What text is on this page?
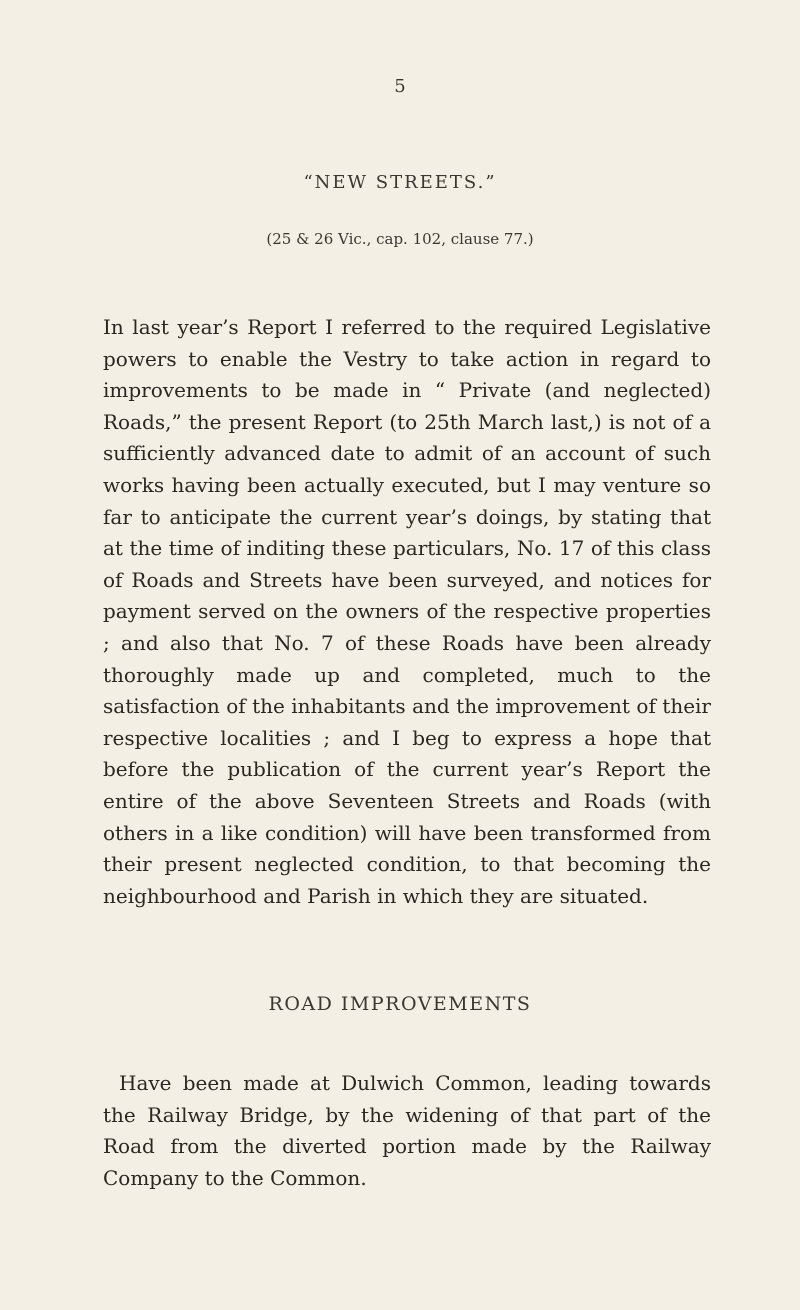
5
“NEW STREETS.”
(25 & 26 Vic., cap. 102, clause 77.)

In last year’s Report I referred to the required Legislative powers to enable the Vestry to take action in regard to improvements to be made in “ Private (and neglected) Roads,” the present Report (to 25th March last,) is not of a sufficiently advanced date to admit of an account of such works having been actually executed, but I may venture so far to anticipate the current year’s doings, by stating that at the time of inditing these particulars, No. 17 of this class of Roads and Streets have been surveyed, and notices for payment served on the owners of the respective properties ; and also that No. 7 of these Roads have been already thoroughly made up and completed, much to the satisfaction of the inhabitants and the improvement of their respective localities ; and I beg to express a hope that before the publication of the current year’s Report the entire of the above Seventeen Streets and Roads (with others in a like condition) will have been transformed from their present neglected condition, to that becoming the neighbourhood and Parish in which they are situated.

ROAD IMPROVEMENTS

Have been made at Dulwich Common, leading towards the Railway Bridge, by the widening of that part of the Road from the diverted portion made by the Railway Company to the Common.
